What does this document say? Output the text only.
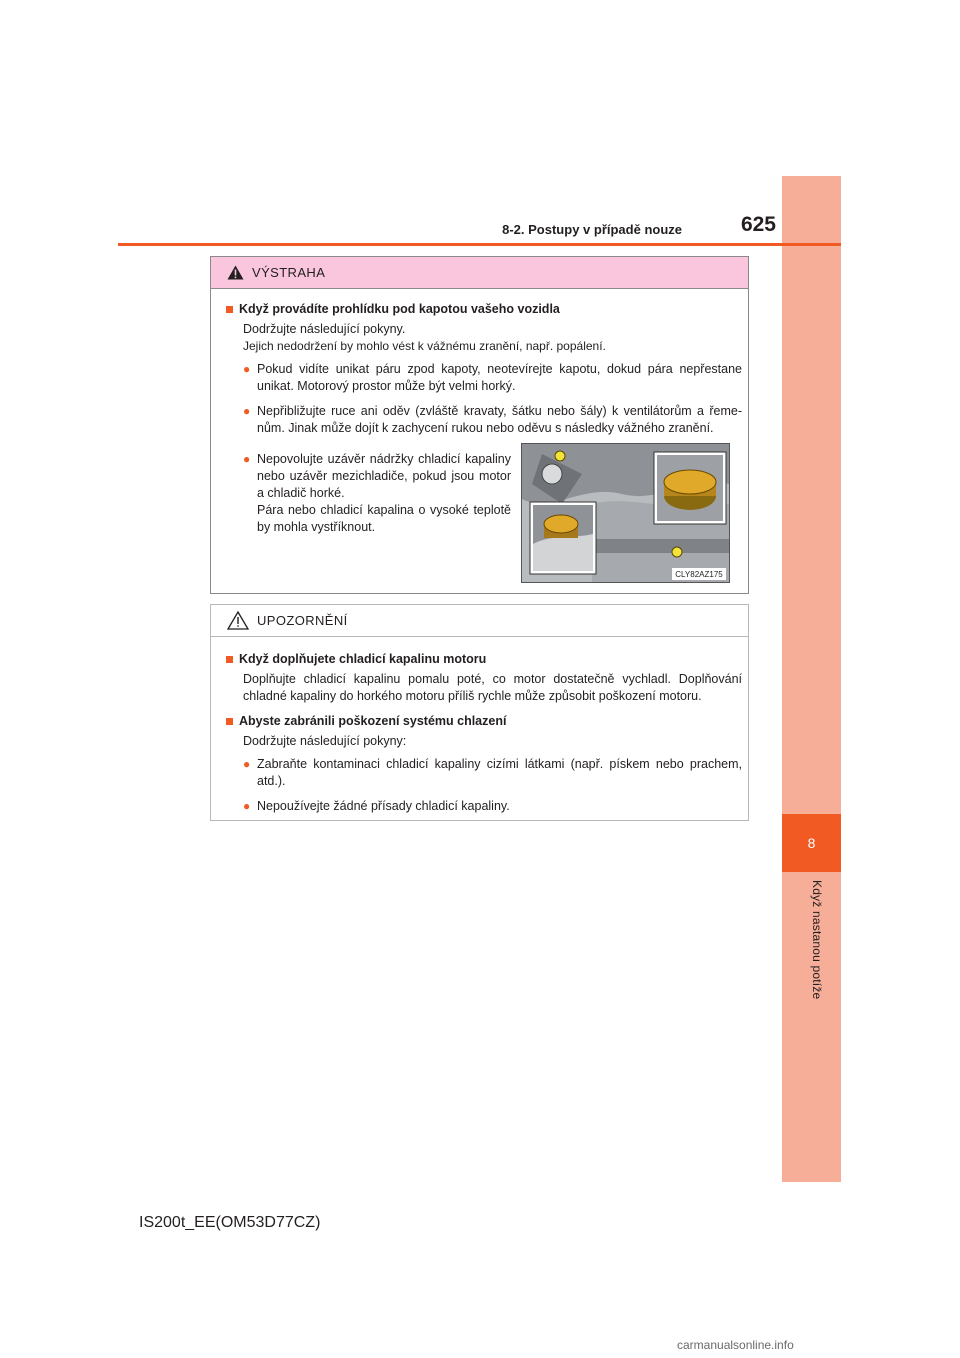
8
Když nastanou potíže
8-2. Postupy v případě nouze	625
VÝSTRAHA
Když provádíte prohlídku pod kapotou vašeho vozidla
Dodržujte následující pokyny.
Jejich nedodržení by mohlo vést k vážnému zranění, např. popálení.
● Pokud vidíte unikat páru zpod kapoty, neotevírejte kapotu, dokud pára nepřestane unikat. Motorový prostor může být velmi horký.
● Nepřibližujte ruce ani oděv (zvláště kravaty, šátku nebo šály) k ventilátorům a řeme-nům. Jinak může dojít k zachycení rukou nebo oděvu s následky vážného zranění.
● Nepovolujte uzávěr nádržky chladicí kapaliny nebo uzávěr mezichladiče, pokud jsou motor a chladič horké.
Pára nebo chladicí kapalina o vysoké teplotě by mohla vystříknout.
CLY82AZ175
UPOZORNĚNÍ
Když doplňujete chladicí kapalinu motoru
Doplňujte chladicí kapalinu pomalu poté, co motor dostatečně vychladl. Doplňování chladné kapaliny do horkého motoru příliš rychle může způsobit poškození motoru.
Abyste zabránili poškození systému chlazení
Dodržujte následující pokyny:
● Zabraňte kontaminaci chladicí kapaliny cizími látkami (např. pískem nebo prachem, atd.).
● Nepoužívejte žádné přísady chladicí kapaliny.
IS200t_EE(OM53D77CZ)
carmanualsonline.info
